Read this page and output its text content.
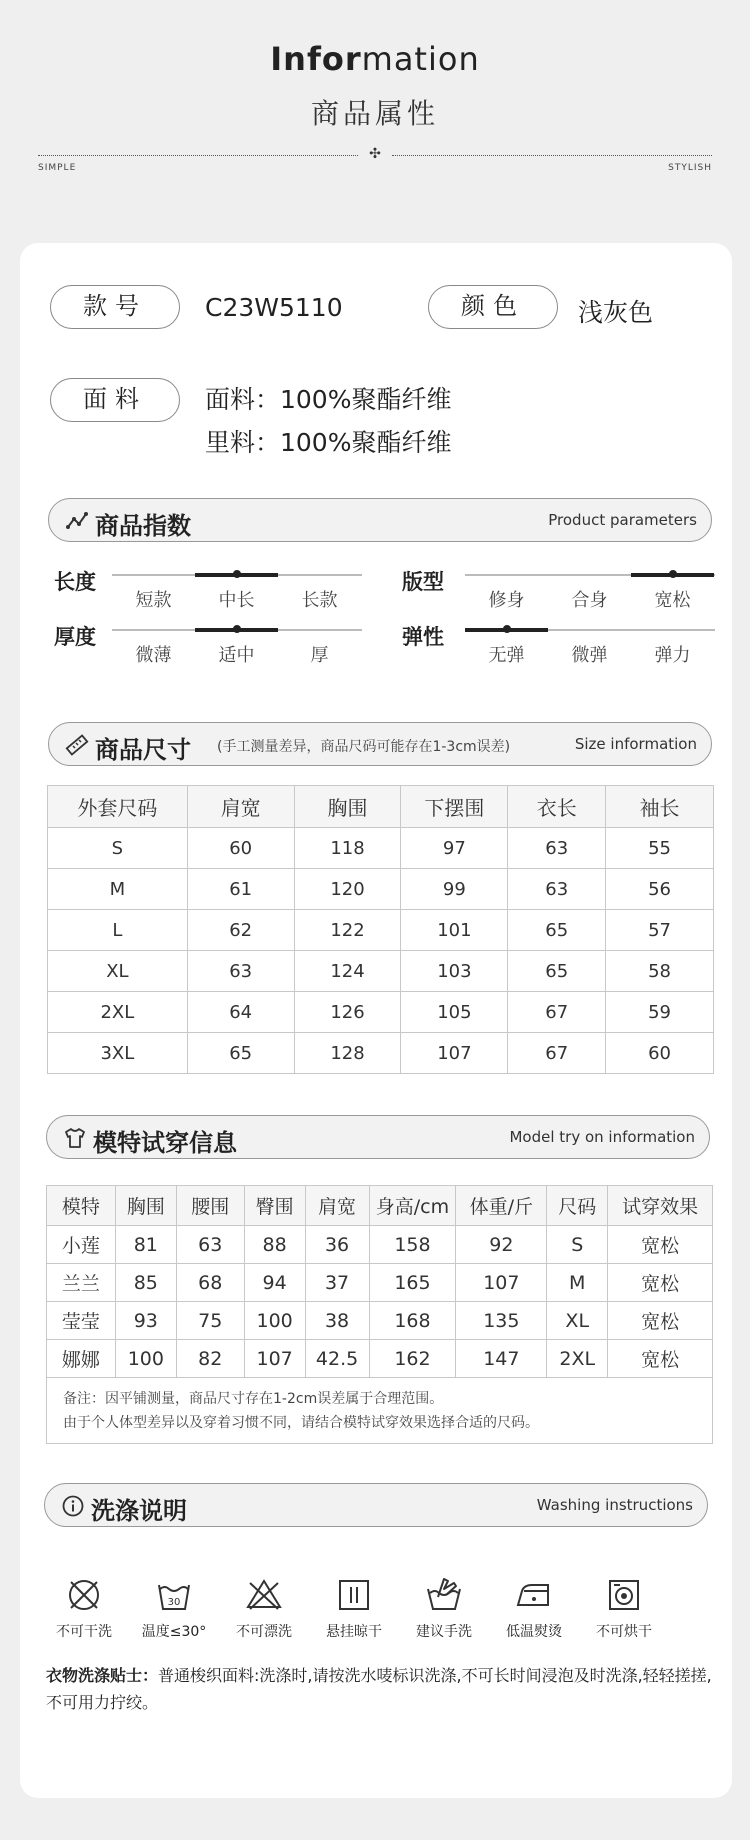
Information
商品属性
✣
SIMPLE	STYLISH
款号	C23W5110	颜色	浅灰色
面料	面料：100%聚酯纤维
里料：100%聚酯纤维
商品指数	Product parameters
长度
短款	中长	长款
版型
修身	合身	宽松
厚度
微薄	适中	厚
弹性
无弹	微弹	弹力
商品尺寸 (手工测量差异，商品尺码可能存在1-3cm误差)	Size information
外套尺码	肩宽	胸围	下摆围	衣长	袖长
S	60	118	97	63	55
M	61	120	99	63	56
L	62	122	101	65	57
XL	63	124	103	65	58
2XL	64	126	105	67	59
3XL	65	128	107	67	60
模特试穿信息	Model try on information
模特	胸围	腰围	臀围	肩宽	身高/cm	体重/斤	尺码	试穿效果
小莲	81	63	88	36	158	92	S	宽松
兰兰	85	68	94	37	165	107	M	宽松
莹莹	93	75	100	38	168	135	XL	宽松
娜娜	100	82	107	42.5	162	147	2XL	宽松

备注：因平铺测量，商品尺寸存在1-2cm误差属于合理范围。
由于个人体型差异以及穿着习惯不同，请结合模特试穿效果选择合适的尺码。								
洗涤说明	Washing instructions
不可干洗
30
温度≤30°	不可漂洗	悬挂晾干	建议手洗	低温熨烫	不可烘干
衣物洗涤贴士：普通梭织面料:洗涤时,请按洗水唛标识洗涤,不可长时间浸泡及时洗涤,轻轻搓搓,不可用力拧绞。
